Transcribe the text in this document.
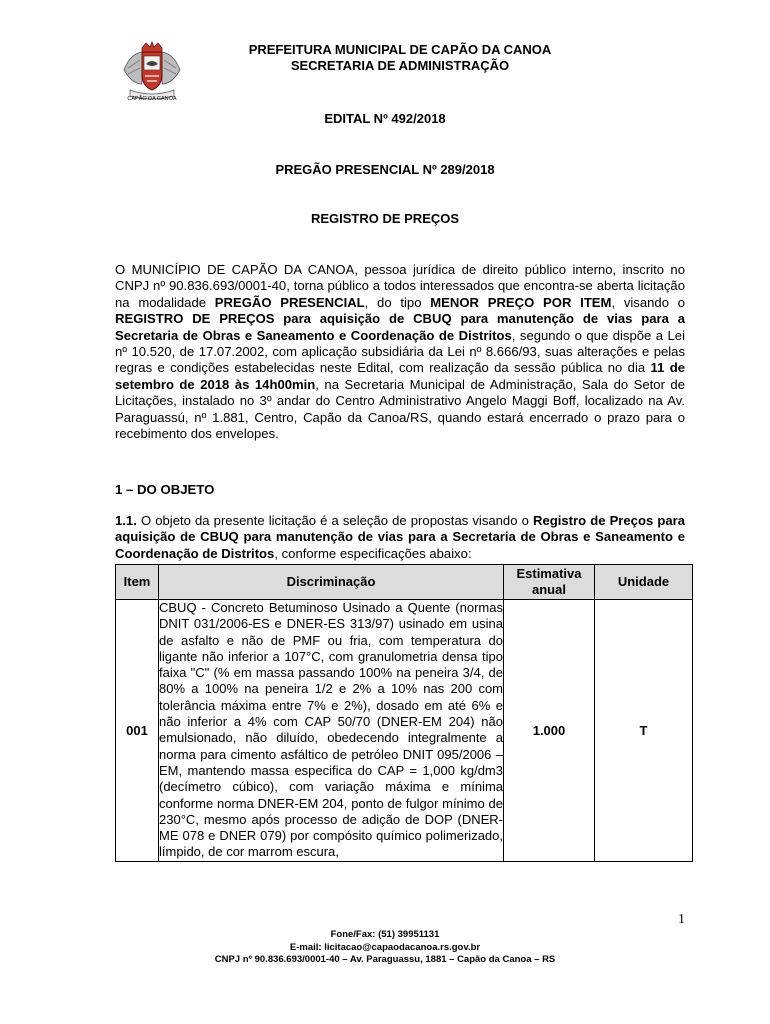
CAPÃO DA CANOA
PREFEITURA MUNICIPAL DE CAPÃO DA CANOA
SECRETARIA DE ADMINISTRAÇÃO
EDITAL Nº 492/2018
PREGÃO PRESENCIAL Nº 289/2018
REGISTRO DE PREÇOS
O MUNICÍPIO DE CAPÃO DA CANOA, pessoa jurídica de direito público interno, inscrito no CNPJ nº 90.836.693/0001-40, torna público a todos interessados que encontra-se aberta licitação na modalidade PREGÃO PRESENCIAL, do tipo MENOR PREÇO POR ITEM, visando o REGISTRO DE PREÇOS para aquisição de CBUQ para manutenção de vias para a Secretaria de Obras e Saneamento e Coordenação de Distritos, segundo o que dispõe a Lei nº 10.520, de 17.07.2002, com aplicação subsidiária da Lei nº 8.666/93, suas alterações e pelas regras e condições estabelecidas neste Edital, com realização da sessão pública no dia 11 de setembro de 2018 às 14h00min, na Secretaria Municipal de Administração, Sala do Setor de Licitações, instalado no 3º andar do Centro Administrativo Angelo Maggi Boff, localizado na Av. Paraguassú, nº 1.881, Centro, Capão da Canoa/RS, quando estará encerrado o prazo para o recebimento dos envelopes.
1 – DO OBJETO
1.1. O objeto da presente licitação é a seleção de propostas visando o Registro de Preços para aquisição de CBUQ para manutenção de vias para a Secretaria de Obras e Saneamento e Coordenação de Distritos, conforme especificações abaixo:
Item	Discriminação	Estimativa anual	Unidade
001	CBUQ - Concreto Betuminoso Usinado a Quente (normas DNIT 031/2006-ES e DNER-ES 313/97) usinado em usina de asfalto e não de PMF ou fria, com temperatura do ligante não inferior a 107°C, com granulometria densa tipo faixa "C" (% em massa passando 100% na peneira 3/4, de 80% a 100% na peneira 1/2 e 2% a 10% nas 200 com tolerância máxima entre 7% e 2%), dosado em até 6% e não inferior a 4% com CAP 50/70 (DNER-EM 204) não emulsionado, não diluído, obedecendo integralmente a norma para cimento asfáltico de petróleo DNIT 095/2006 – EM, mantendo massa especifica do CAP = 1,000 kg/dm3 (decímetro cúbico), com variação máxima e mínima conforme norma DNER-EM 204, ponto de fulgor mínimo de 230°C, mesmo após processo de adição de DOP (DNER-ME 078 e DNER 079) por compósito químico polimerizado, límpido, de cor marrom escura,	1.000	T
1
Fone/Fax: (51) 39951131
E-mail: licitacao@capaodacanoa.rs.gov.br
CNPJ nº 90.836.693/0001-40 – Av. Paraguassu, 1881 – Capão da Canoa – RS
